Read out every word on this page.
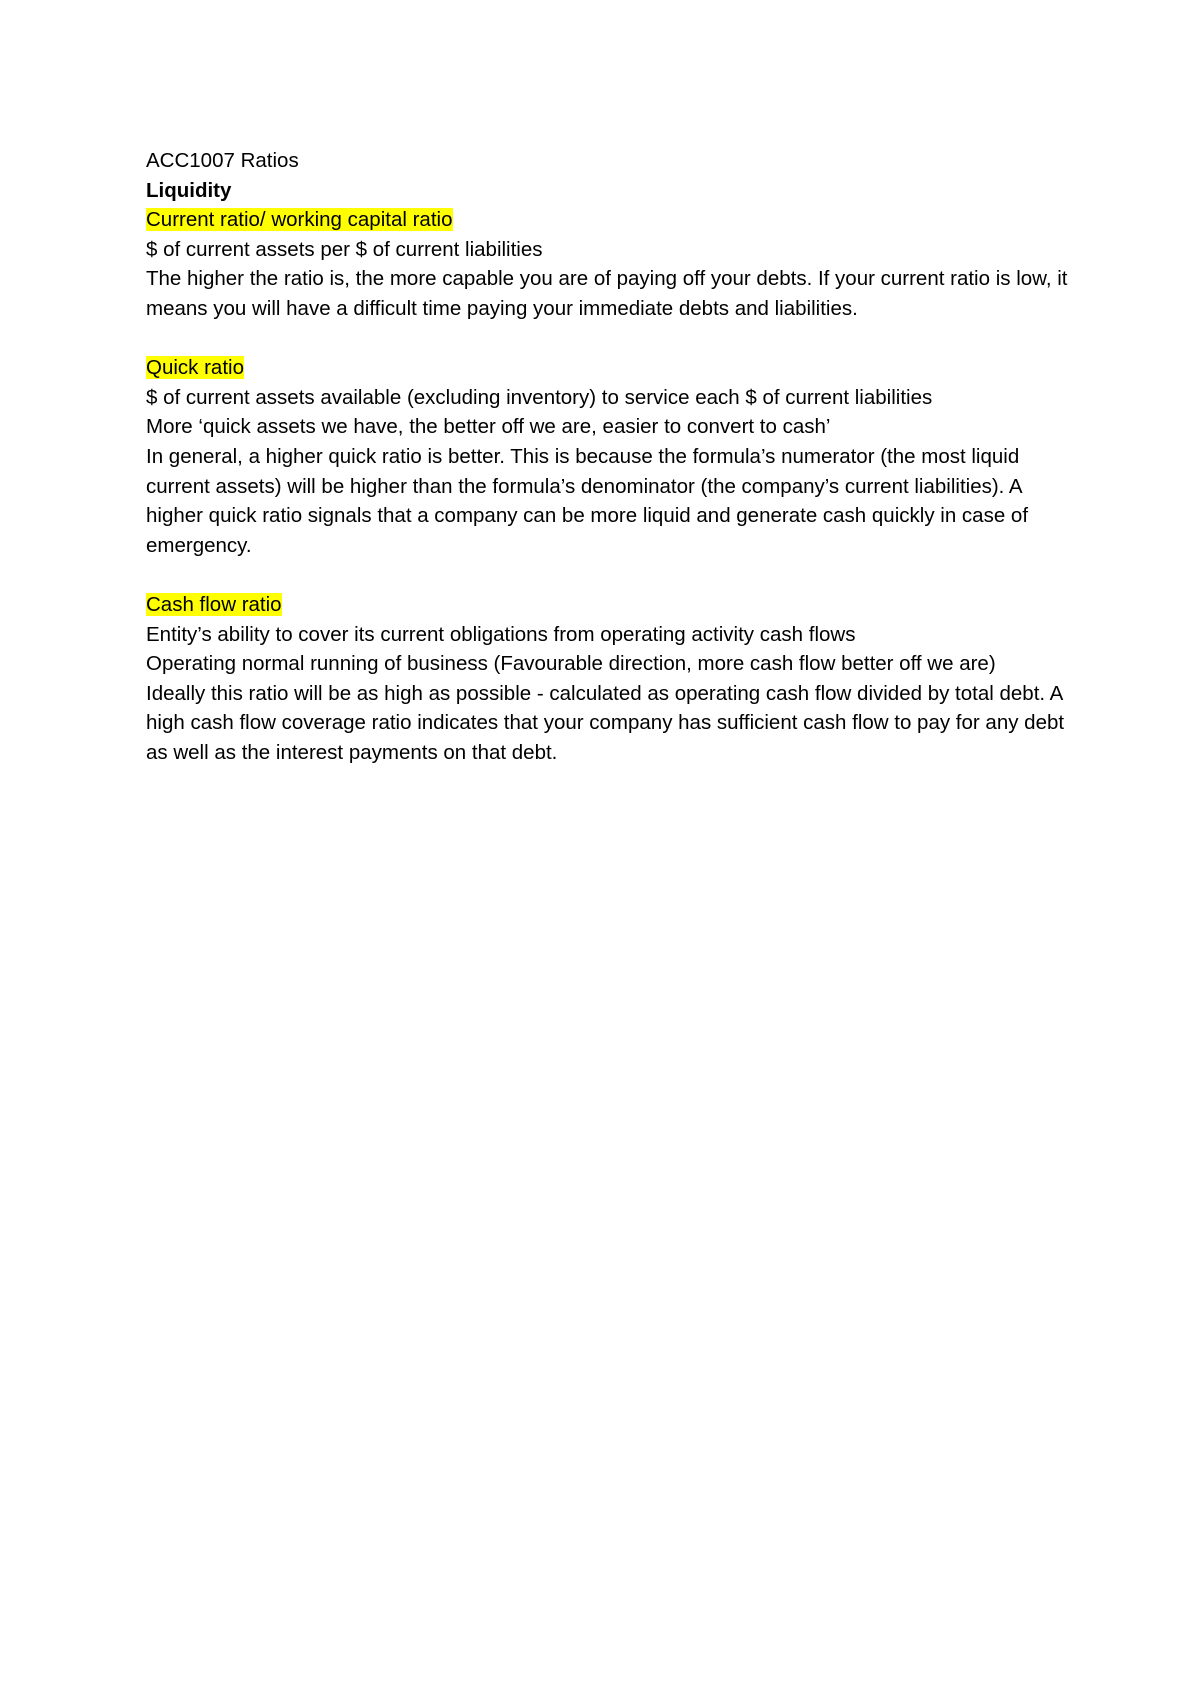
ACC1007 Ratios

Liquidity

Current ratio/ working capital ratio

$ of current assets per $ of current liabilities

The higher the ratio is, the more capable you are of paying off your debts. If your current ratio is low, it means you will have a difficult time paying your immediate debts and liabilities.

Quick ratio

$ of current assets available (excluding inventory) to service each $ of current liabilities

More ‘quick assets we have, the better off we are, easier to convert to cash’

In general, a higher quick ratio is better. This is because the formula’s numerator (the most liquid current assets) will be higher than the formula’s denominator (the company’s current liabilities). A higher quick ratio signals that a company can be more liquid and generate cash quickly in case of emergency.

Cash flow ratio

Entity’s ability to cover its current obligations from operating activity cash flows

Operating normal running of business (Favourable direction, more cash flow better off we are)

Ideally this ratio will be as high as possible - calculated as operating cash flow divided by total debt. A high cash flow coverage ratio indicates that your company has sufficient cash flow to pay for any debt as well as the interest payments on that debt.
